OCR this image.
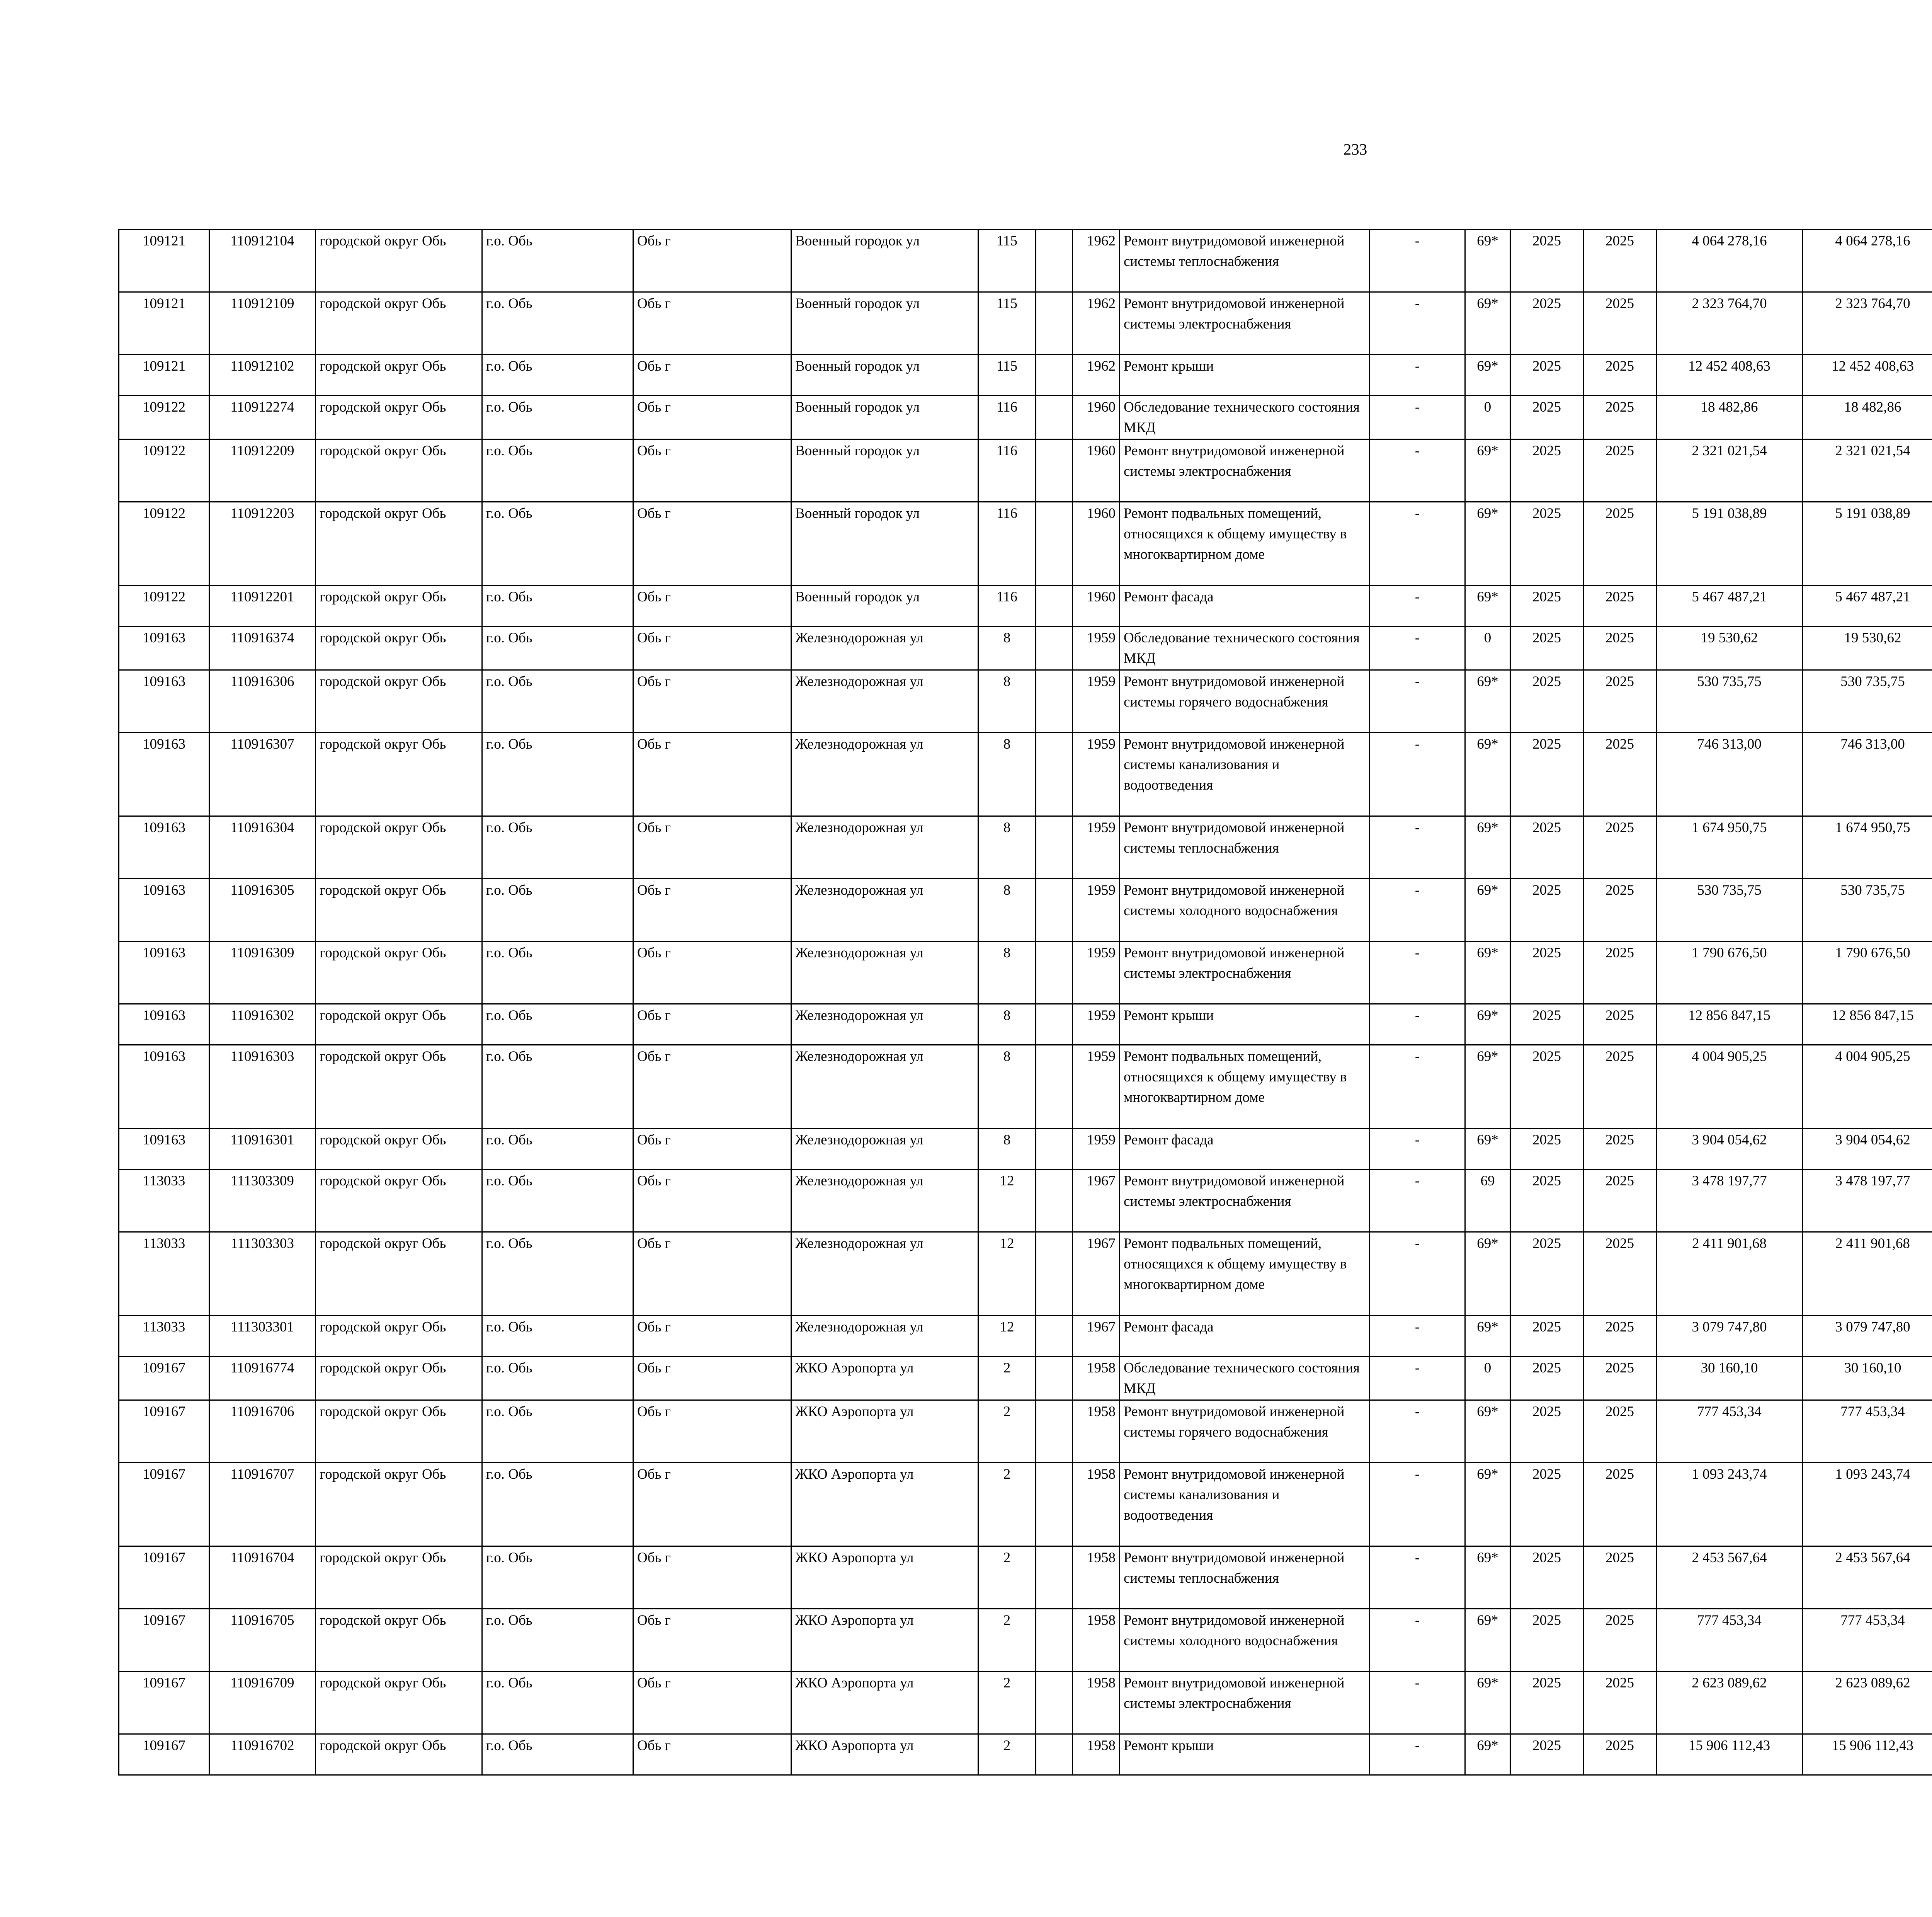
233
109121	110912104	городской округ Обь	г.о. Обь	Обь г	Военный городок ул	115		1962	Ремонт внутридомовой инженерной системы теплоснабжения	-	69*	2025	2025	4 064 278,16	4 064 278,16						
109121	110912109	городской округ Обь	г.о. Обь	Обь г	Военный городок ул	115		1962	Ремонт внутридомовой инженерной системы электроснабжения	-	69*	2025	2025	2 323 764,70	2 323 764,70						
109121	110912102	городской округ Обь	г.о. Обь	Обь г	Военный городок ул	115		1962	Ремонт крыши	-	69*	2025	2025	12 452 408,63	12 452 408,63						
109122	110912274	городской округ Обь	г.о. Обь	Обь г	Военный городок ул	116		1960	Обследование технического состояния МКД	-	0	2025	2025	18 482,86	18 482,86						
109122	110912209	городской округ Обь	г.о. Обь	Обь г	Военный городок ул	116		1960	Ремонт внутридомовой инженерной системы электроснабжения	-	69*	2025	2025	2 321 021,54	2 321 021,54						
109122	110912203	городской округ Обь	г.о. Обь	Обь г	Военный городок ул	116		1960	Ремонт подвальных помещений, относящихся к общему имуществу в многоквартирном доме	-	69*	2025	2025	5 191 038,89	5 191 038,89						
109122	110912201	городской округ Обь	г.о. Обь	Обь г	Военный городок ул	116		1960	Ремонт фасада	-	69*	2025	2025	5 467 487,21	5 467 487,21						
109163	110916374	городской округ Обь	г.о. Обь	Обь г	Железнодорожная ул	8		1959	Обследование технического состояния МКД	-	0	2025	2025	19 530,62	19 530,62						
109163	110916306	городской округ Обь	г.о. Обь	Обь г	Железнодорожная ул	8		1959	Ремонт внутридомовой инженерной системы горячего водоснабжения	-	69*	2025	2025	530 735,75	530 735,75						
109163	110916307	городской округ Обь	г.о. Обь	Обь г	Железнодорожная ул	8		1959	Ремонт внутридомовой инженерной системы канализования и водоотведения	-	69*	2025	2025	746 313,00	746 313,00						
109163	110916304	городской округ Обь	г.о. Обь	Обь г	Железнодорожная ул	8		1959	Ремонт внутридомовой инженерной системы теплоснабжения	-	69*	2025	2025	1 674 950,75	1 674 950,75						
109163	110916305	городской округ Обь	г.о. Обь	Обь г	Железнодорожная ул	8		1959	Ремонт внутридомовой инженерной системы холодного водоснабжения	-	69*	2025	2025	530 735,75	530 735,75						
109163	110916309	городской округ Обь	г.о. Обь	Обь г	Железнодорожная ул	8		1959	Ремонт внутридомовой инженерной системы электроснабжения	-	69*	2025	2025	1 790 676,50	1 790 676,50						
109163	110916302	городской округ Обь	г.о. Обь	Обь г	Железнодорожная ул	8		1959	Ремонт крыши	-	69*	2025	2025	12 856 847,15	12 856 847,15						
109163	110916303	городской округ Обь	г.о. Обь	Обь г	Железнодорожная ул	8		1959	Ремонт подвальных помещений, относящихся к общему имуществу в многоквартирном доме	-	69*	2025	2025	4 004 905,25	4 004 905,25						
109163	110916301	городской округ Обь	г.о. Обь	Обь г	Железнодорожная ул	8		1959	Ремонт фасада	-	69*	2025	2025	3 904 054,62	3 904 054,62						
113033	111303309	городской округ Обь	г.о. Обь	Обь г	Железнодорожная ул	12		1967	Ремонт внутридомовой инженерной системы электроснабжения	-	69	2025	2025	3 478 197,77	3 478 197,77						
113033	111303303	городской округ Обь	г.о. Обь	Обь г	Железнодорожная ул	12		1967	Ремонт подвальных помещений, относящихся к общему имуществу в многоквартирном доме	-	69*	2025	2025	2 411 901,68	2 411 901,68						
113033	111303301	городской округ Обь	г.о. Обь	Обь г	Железнодорожная ул	12		1967	Ремонт фасада	-	69*	2025	2025	3 079 747,80	3 079 747,80						
109167	110916774	городской округ Обь	г.о. Обь	Обь г	ЖКО Аэропорта ул	2		1958	Обследование технического состояния МКД	-	0	2025	2025	30 160,10	30 160,10						
109167	110916706	городской округ Обь	г.о. Обь	Обь г	ЖКО Аэропорта ул	2		1958	Ремонт внутридомовой инженерной системы горячего водоснабжения	-	69*	2025	2025	777 453,34	777 453,34						
109167	110916707	городской округ Обь	г.о. Обь	Обь г	ЖКО Аэропорта ул	2		1958	Ремонт внутридомовой инженерной системы канализования и водоотведения	-	69*	2025	2025	1 093 243,74	1 093 243,74						
109167	110916704	городской округ Обь	г.о. Обь	Обь г	ЖКО Аэропорта ул	2		1958	Ремонт внутридомовой инженерной системы теплоснабжения	-	69*	2025	2025	2 453 567,64	2 453 567,64						
109167	110916705	городской округ Обь	г.о. Обь	Обь г	ЖКО Аэропорта ул	2		1958	Ремонт внутридомовой инженерной системы холодного водоснабжения	-	69*	2025	2025	777 453,34	777 453,34						
109167	110916709	городской округ Обь	г.о. Обь	Обь г	ЖКО Аэропорта ул	2		1958	Ремонт внутридомовой инженерной системы электроснабжения	-	69*	2025	2025	2 623 089,62	2 623 089,62						
109167	110916702	городской округ Обь	г.о. Обь	Обь г	ЖКО Аэропорта ул	2		1958	Ремонт крыши	-	69*	2025	2025	15 906 112,43	15 906 112,43						
